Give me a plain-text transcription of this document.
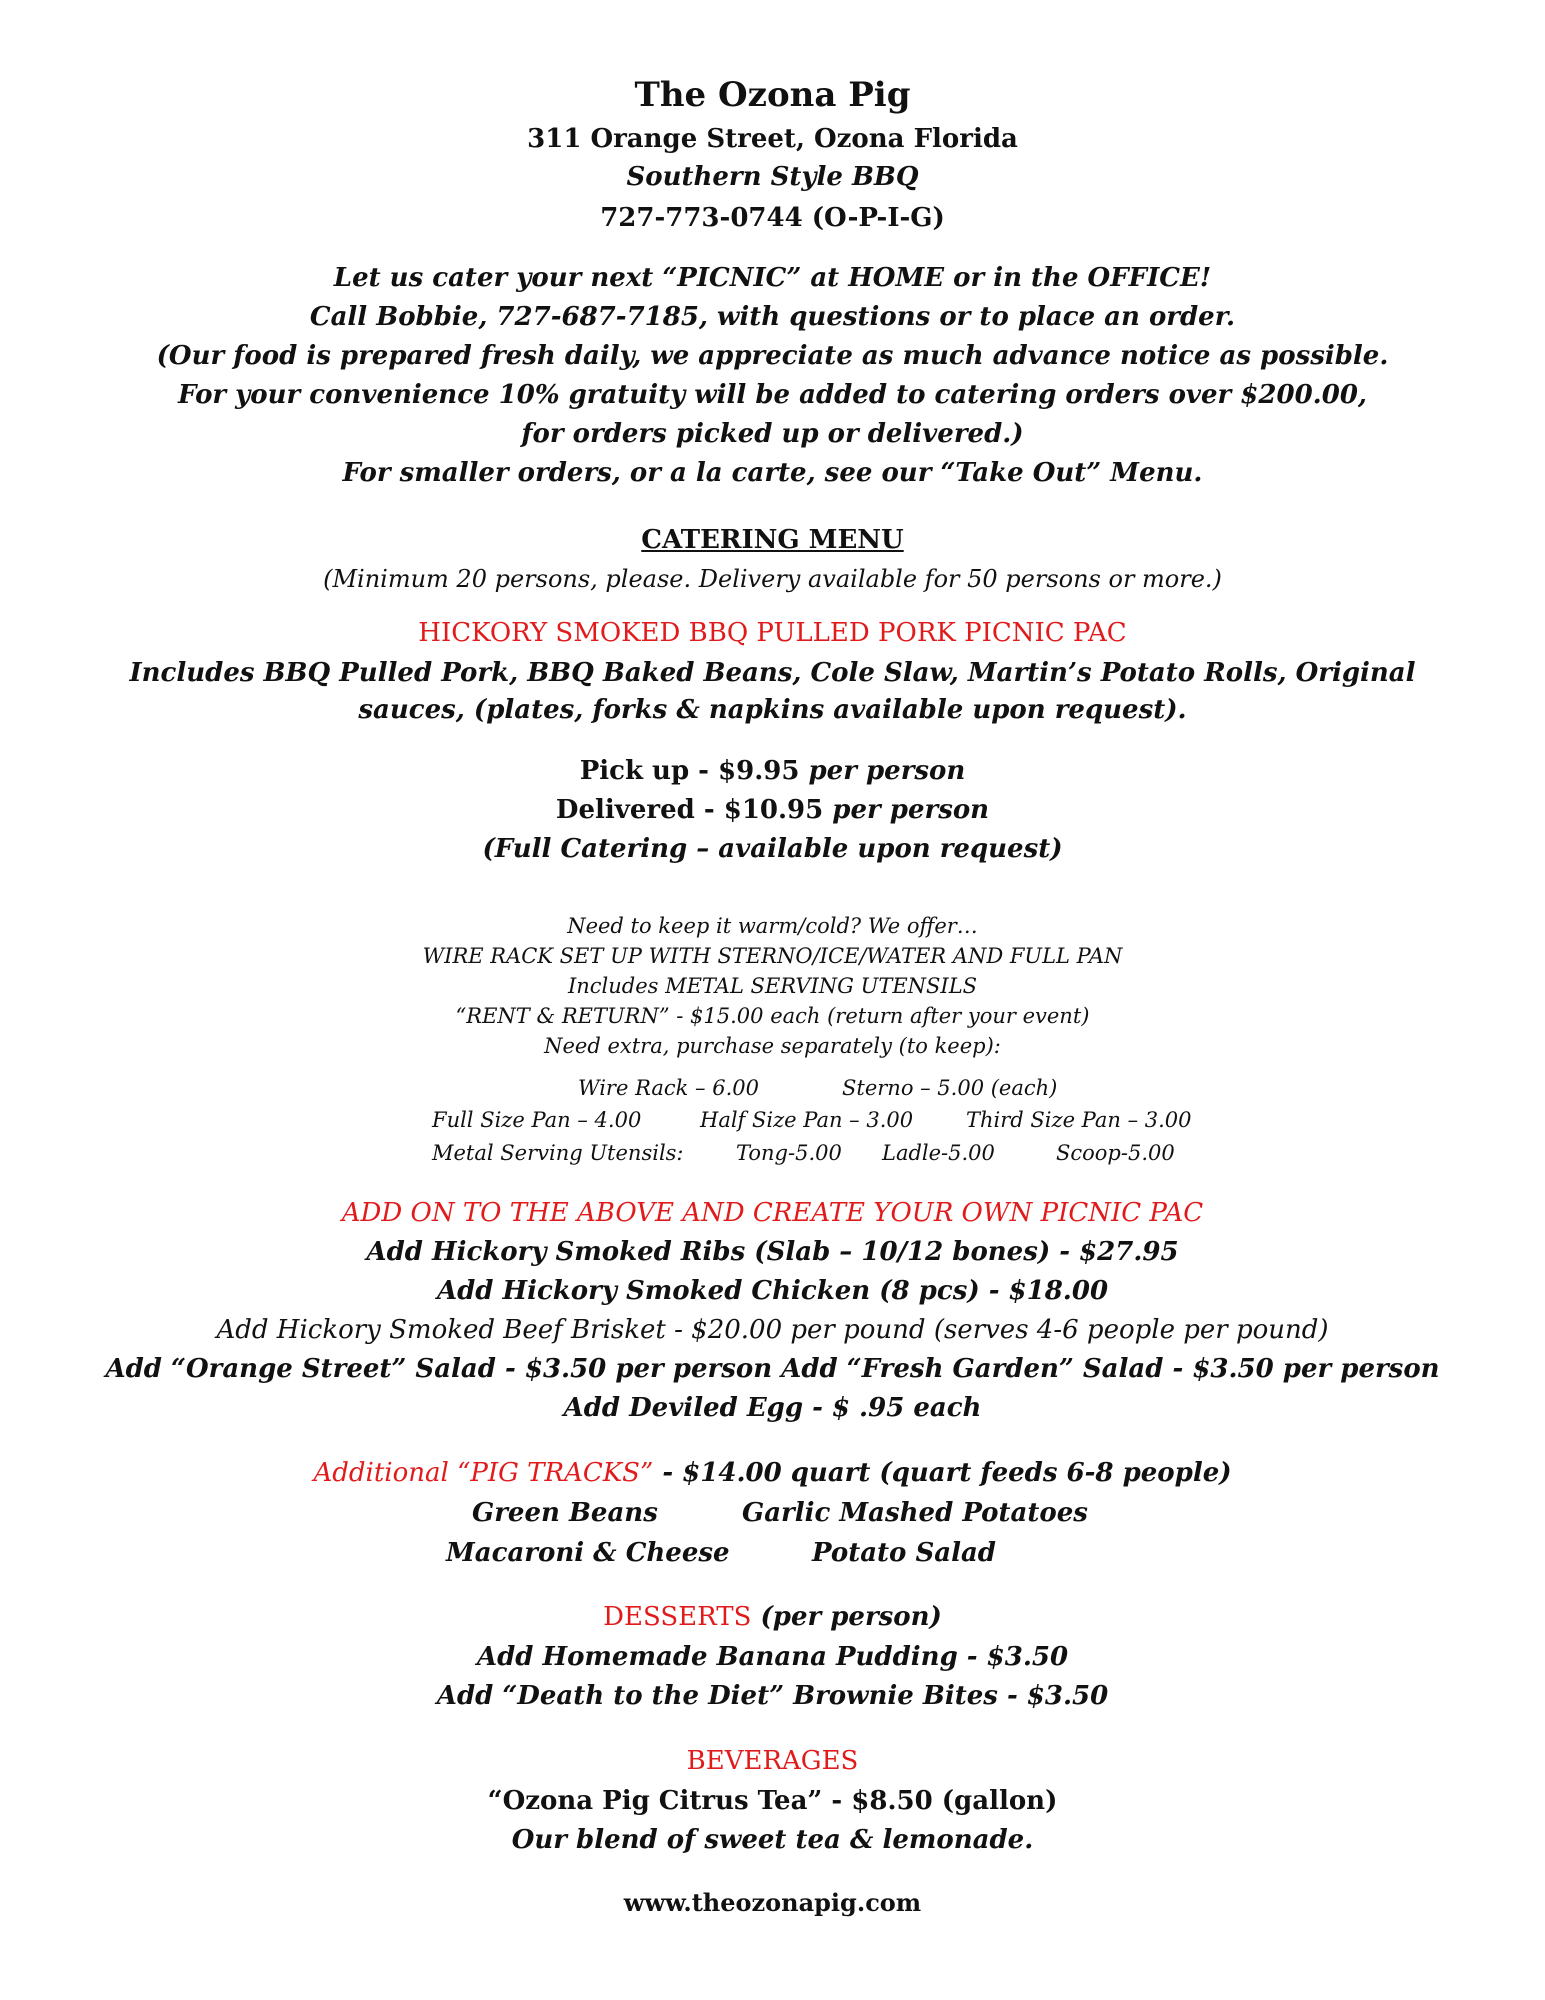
The Ozona Pig
311 Orange Street, Ozona Florida
Southern Style BBQ
727-773-0744 (O-P-I-G)
Let us cater your next “PICNIC” at HOME or in the OFFICE!
Call Bobbie, 727-687-7185, with questions or to place an order.
(Our food is prepared fresh daily, we appreciate as much advance notice as possible.
For your convenience 10% gratuity will be added to catering orders over $200.00,
for orders picked up or delivered.)
For smaller orders, or a la carte, see our “Take Out” Menu.
CATERING MENU
(Minimum 20 persons, please. Delivery available for 50 persons or more.)
HICKORY SMOKED BBQ PULLED PORK PICNIC PAC
Includes BBQ Pulled Pork, BBQ Baked Beans, Cole Slaw, Martin’s Potato Rolls, Original
sauces, (plates, forks & napkins available upon request).
Pick up - $9.95 per person
Delivered - $10.95 per person
(Full Catering – available upon request)
Need to keep it warm/cold? We offer…
WIRE RACK SET UP WITH STERNO/ICE/WATER AND FULL PAN
Includes METAL SERVING UTENSILS
“RENT & RETURN” - $15.00 each (return after your event)
Need extra, purchase separately (to keep):
Wire Rack – 6.00	Sterno – 5.00 (each)
Full Size Pan – 4.00	Half Size Pan – 3.00	Third Size Pan – 3.00
Metal Serving Utensils: Tong-5.00 Ladle-5.00	Scoop-5.00
ADD ON TO THE ABOVE AND CREATE YOUR OWN PICNIC PAC
Add Hickory Smoked Ribs (Slab – 10/12 bones) - $27.95
Add Hickory Smoked Chicken (8 pcs) - $18.00
Add Hickory Smoked Beef Brisket - $20.00 per pound (serves 4-6 people per pound)
Add “Orange Street” Salad - $3.50 per person Add “Fresh Garden” Salad - $3.50 per person
Add Deviled Egg - $ .95 each
Additional “PIG TRACKS” - $14.00 quart (quart feeds 6-8 people)
Green Beans	Garlic Mashed Potatoes
Macaroni & Cheese	Potato Salad
DESSERTS (per person)
Add Homemade Banana Pudding - $3.50
Add “Death to the Diet” Brownie Bites - $3.50
BEVERAGES
“Ozona Pig Citrus Tea” - $8.50 (gallon)
Our blend of sweet tea & lemonade.
www.theozonapig.com
